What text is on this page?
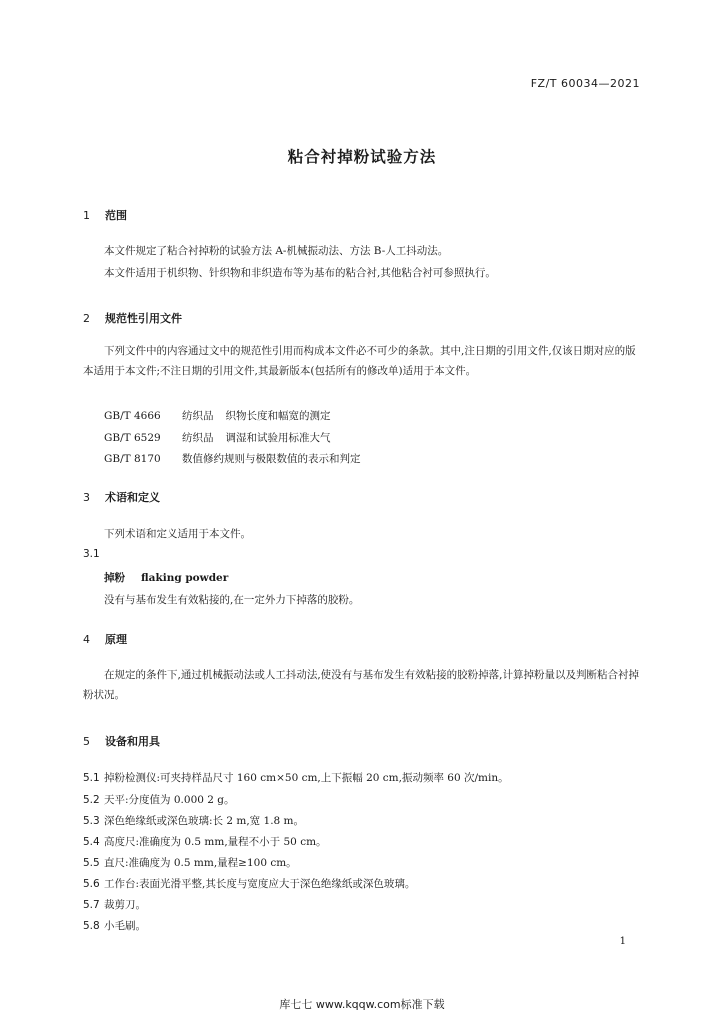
FZ/T 60034—2021
粘合衬掉粉试验方法
1 范围
本文件规定了粘合衬掉粉的试验方法 A-机械振动法、方法 B-人工抖动法。
本文件适用于机织物、针织物和非织造布等为基布的粘合衬,其他粘合衬可参照执行。
2 规范性引用文件
下列文件中的内容通过文中的规范性引用而构成本文件必不可少的条款。其中,注日期的引用文件,仅该日期对应的版本适用于本文件;不注日期的引用文件,其最新版本(包括所有的修改单)适用于本文件。
GB/T 4666 纺织品 织物长度和幅宽的测定
GB/T 6529 纺织品 调湿和试验用标准大气
GB/T 8170 数值修约规则与极限数值的表示和判定
3 术语和定义
下列术语和定义适用于本文件。
3.1
掉粉 flaking powder
没有与基布发生有效粘接的,在一定外力下掉落的胶粉。
4 原理
在规定的条件下,通过机械振动法或人工抖动法,使没有与基布发生有效粘接的胶粉掉落,计算掉粉量以及判断粘合衬掉粉状况。
5 设备和用具
5.1 掉粉检测仪:可夹持样品尺寸 160 cm×50 cm,上下振幅 20 cm,振动频率 60 次/min。
5.2 天平:分度值为 0.000 2 g。
5.3 深色绝缘纸或深色玻璃:长 2 m,宽 1.8 m。
5.4 高度尺:准确度为 0.5 mm,量程不小于 50 cm。
5.5 直尺:准确度为 0.5 mm,量程≥100 cm。
5.6 工作台:表面光滑平整,其长度与宽度应大于深色绝缘纸或深色玻璃。
5.7 裁剪刀。
5.8 小毛刷。
1
库七七 www.kqqw.com标准下载
